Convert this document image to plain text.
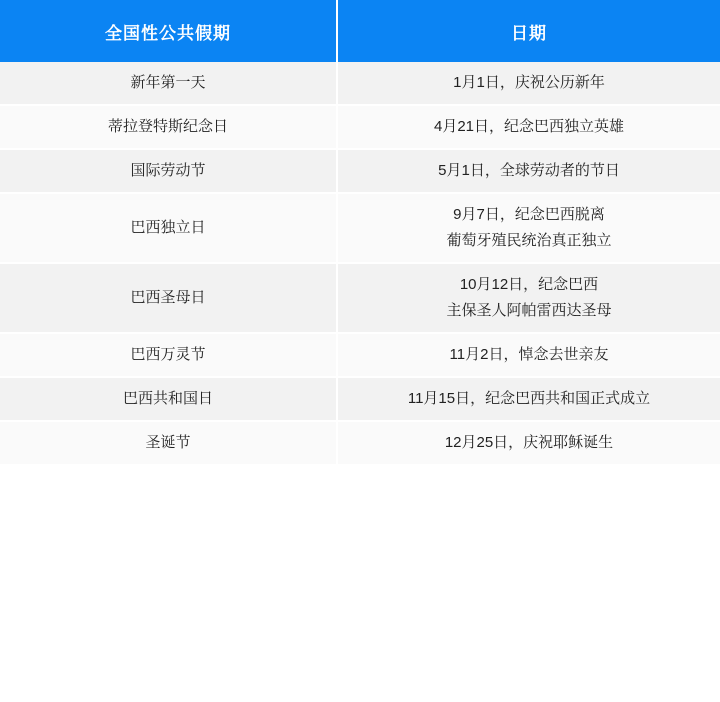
全国性公共假期	日期
新年第一天	1月1日，庆祝公历新年

蒂拉登特斯纪念日	4月21日，纪念巴西独立英雄

国际劳动节	5月1日，全球劳动者的节日

巴西独立日	9月7日，纪念巴西脱离
葡萄牙殖民统治真正独立

巴西圣母日	10月12日，纪念巴西
主保圣人阿帕雷西达圣母

巴西万灵节	11月2日，悼念去世亲友

巴西共和国日	11月15日，纪念巴西共和国正式成立

圣诞节	12月25日，庆祝耶稣诞生
